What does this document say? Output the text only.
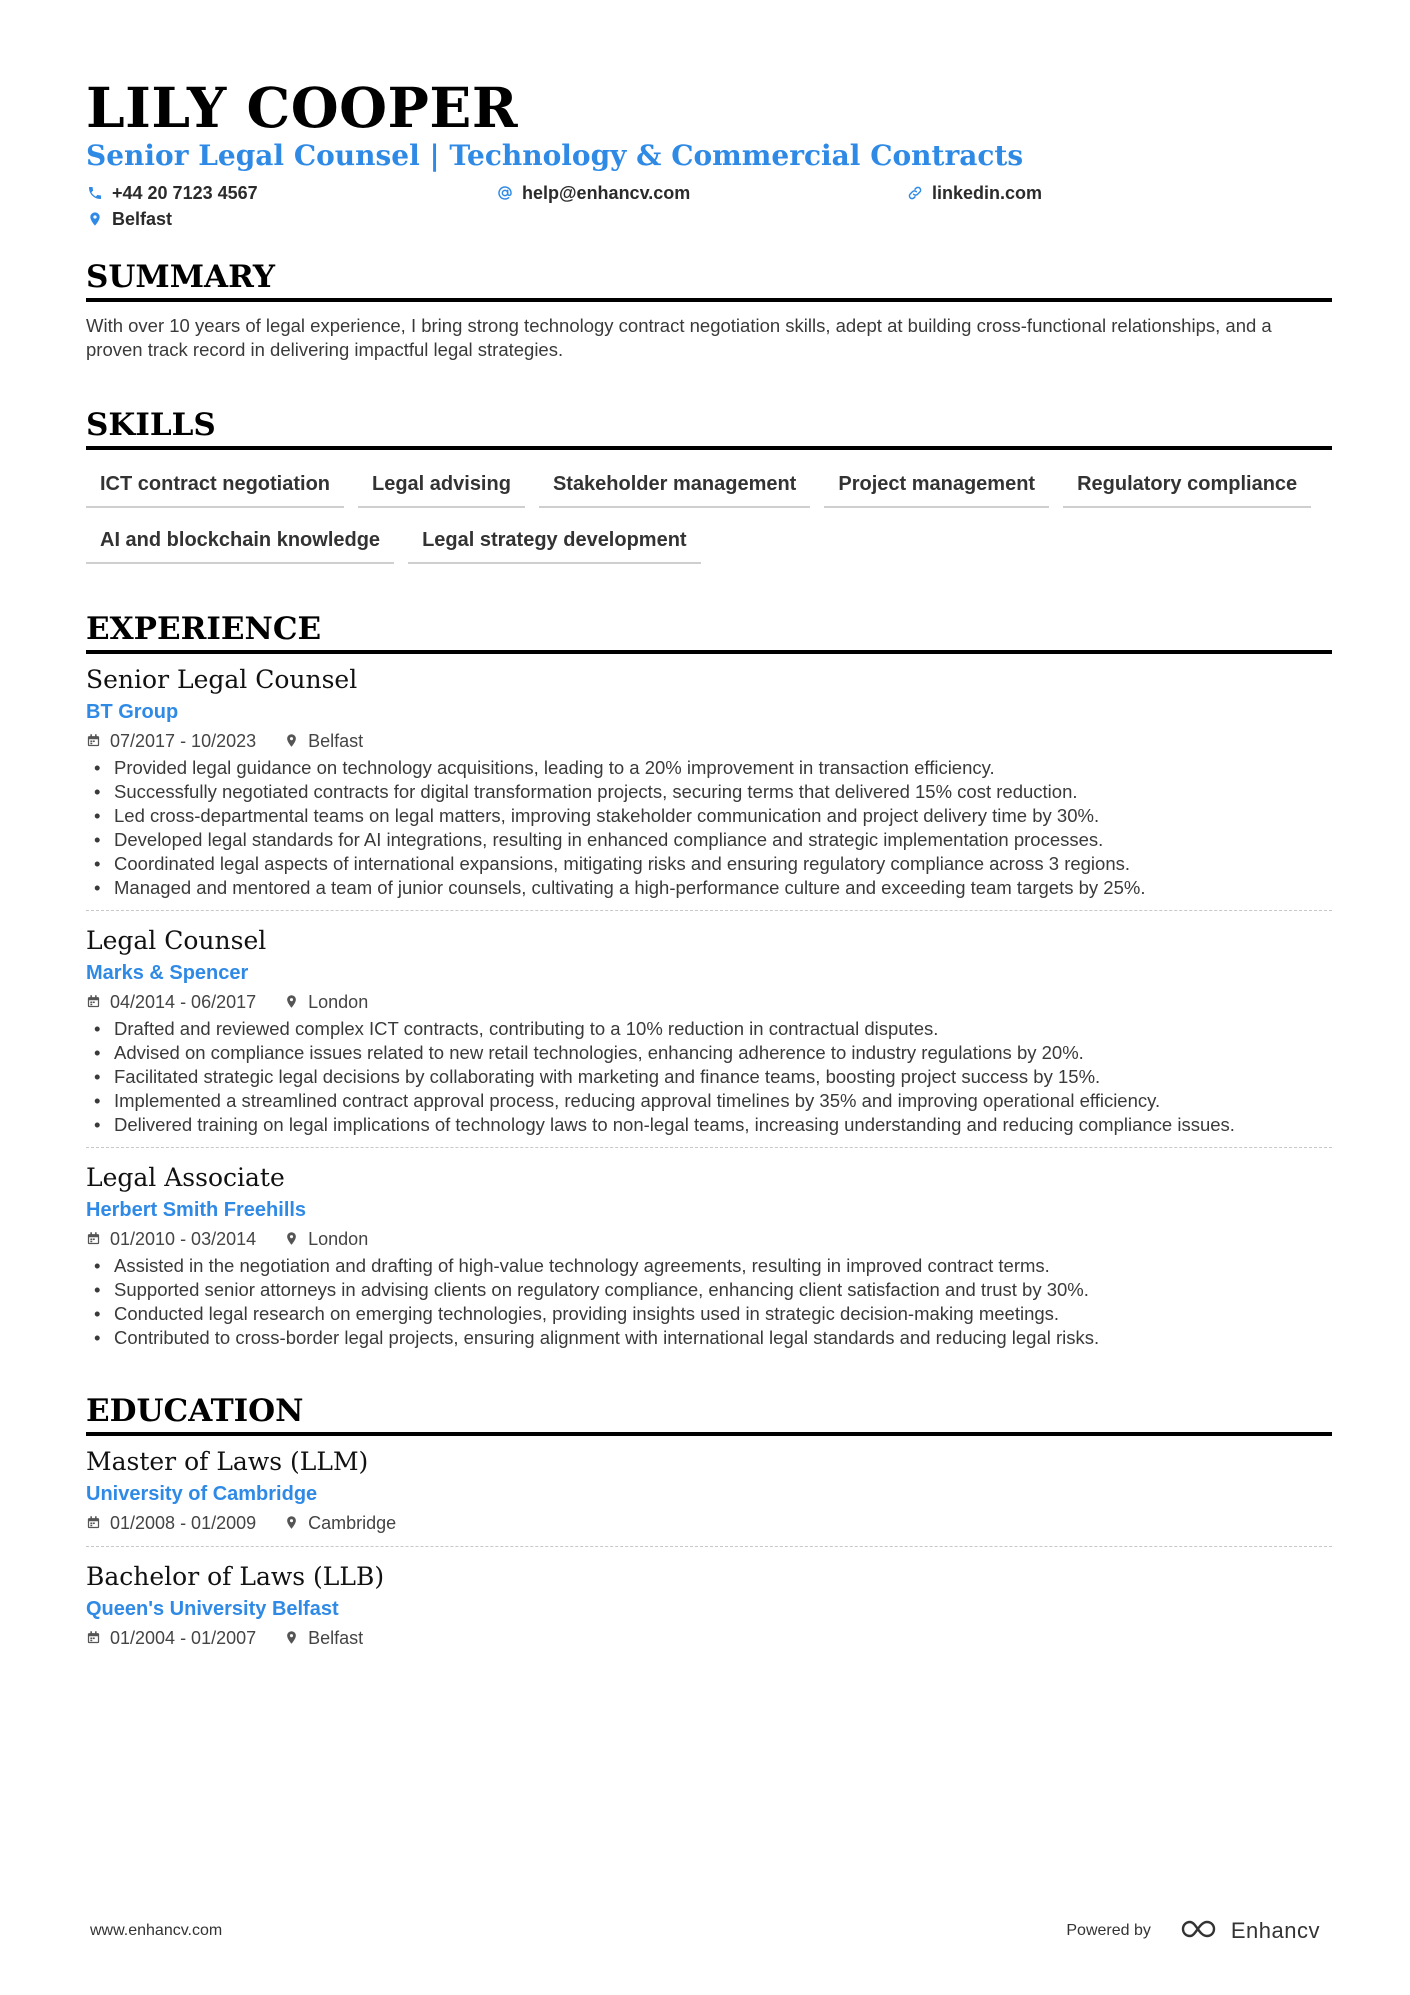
LILY COOPER
Senior Legal Counsel | Technology & Commercial Contracts
+44 20 7123 4567	help@enhancv.com	linkedin.com
Belfast
SUMMARY
With over 10 years of legal experience, I bring strong technology contract negotiation skills, adept at building cross-functional relationships, and a proven track record in delivering impactful legal strategies.
SKILLS
ICT contract negotiation	Legal advising	Stakeholder management	Project management	Regulatory compliance
AI and blockchain knowledge	Legal strategy development
EXPERIENCE
Senior Legal Counsel
BT Group
07/2017 - 10/2023	Belfast
• Provided legal guidance on technology acquisitions, leading to a 20% improvement in transaction efficiency.
• Successfully negotiated contracts for digital transformation projects, securing terms that delivered 15% cost reduction.
• Led cross-departmental teams on legal matters, improving stakeholder communication and project delivery time by 30%.
• Developed legal standards for AI integrations, resulting in enhanced compliance and strategic implementation processes.
• Coordinated legal aspects of international expansions, mitigating risks and ensuring regulatory compliance across 3 regions.
• Managed and mentored a team of junior counsels, cultivating a high-performance culture and exceeding team targets by 25%.
Legal Counsel
Marks & Spencer
04/2014 - 06/2017	London
• Drafted and reviewed complex ICT contracts, contributing to a 10% reduction in contractual disputes.
• Advised on compliance issues related to new retail technologies, enhancing adherence to industry regulations by 20%.
• Facilitated strategic legal decisions by collaborating with marketing and finance teams, boosting project success by 15%.
• Implemented a streamlined contract approval process, reducing approval timelines by 35% and improving operational efficiency.
• Delivered training on legal implications of technology laws to non-legal teams, increasing understanding and reducing compliance issues.
Legal Associate
Herbert Smith Freehills
01/2010 - 03/2014	London
• Assisted in the negotiation and drafting of high-value technology agreements, resulting in improved contract terms.
• Supported senior attorneys in advising clients on regulatory compliance, enhancing client satisfaction and trust by 30%.
• Conducted legal research on emerging technologies, providing insights used in strategic decision-making meetings.
• Contributed to cross-border legal projects, ensuring alignment with international legal standards and reducing legal risks.
EDUCATION
Master of Laws (LLM)
University of Cambridge
01/2008 - 01/2009	Cambridge
Bachelor of Laws (LLB)
Queen's University Belfast
01/2004 - 01/2007	Belfast
www.enhancv.com	Powered by	Enhancv
